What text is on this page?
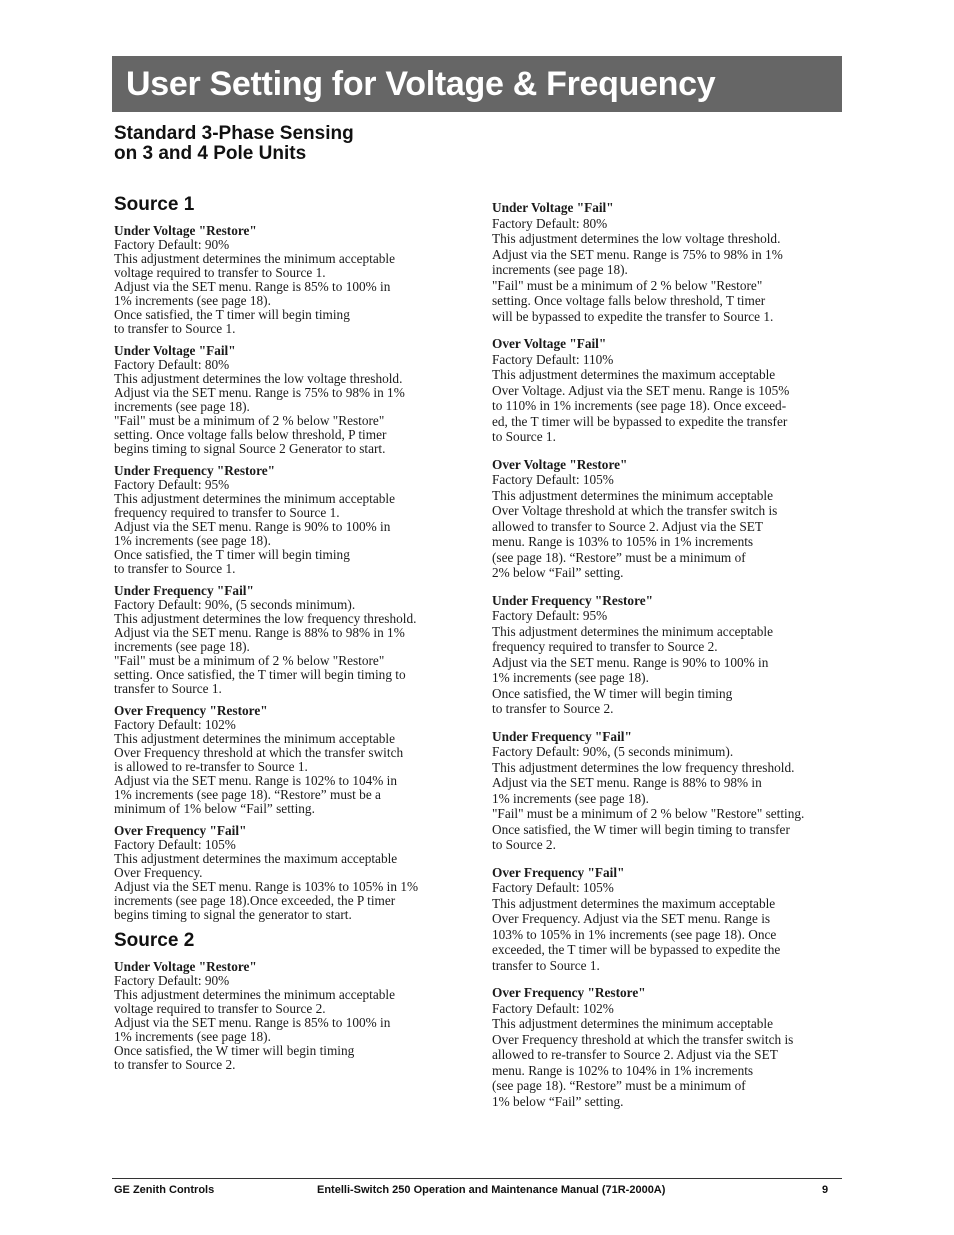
User Setting for Voltage & Frequency
Standard 3-Phase Sensing
on 3 and 4 Pole Units
Source 1
Under Voltage "Restore"
Factory Default: 90%
This adjustment determines the minimum acceptable
voltage required to transfer to Source 1.
Adjust via the SET menu. Range is 85% to 100% in
1% increments (see page 18).
Once satisfied, the T timer will begin timing
to transfer to Source 1.
Under Voltage "Fail"
Factory Default: 80%
This adjustment determines the low voltage threshold.
Adjust via the SET menu. Range is 75% to 98% in 1%
increments (see page 18).
"Fail" must be a minimum of 2 % below "Restore"
setting. Once voltage falls below threshold, P timer
begins timing to signal Source 2 Generator to start.
Under Frequency "Restore"
Factory Default: 95%
This adjustment determines the minimum acceptable
frequency required to transfer to Source 1.
Adjust via the SET menu. Range is 90% to 100% in
1% increments (see page 18).
Once satisfied, the T timer will begin timing
to transfer to Source 1.
Under Frequency "Fail"
Factory Default: 90%, (5 seconds minimum).
This adjustment determines the low frequency threshold.
Adjust via the SET menu. Range is 88% to 98% in 1%
increments (see page 18).
"Fail" must be a minimum of 2 % below "Restore"
setting. Once satisfied, the T timer will begin timing to
transfer to Source 1.
Over Frequency "Restore"
Factory Default: 102%
This adjustment determines the minimum acceptable
Over Frequency threshold at which the transfer switch
is allowed to re-transfer to Source 1.
Adjust via the SET menu. Range is 102% to 104% in
1% increments (see page 18). “Restore” must be a
minimum of 1% below “Fail” setting.
Over Frequency "Fail"
Factory Default: 105%
This adjustment determines the maximum acceptable
Over Frequency.
Adjust via the SET menu. Range is 103% to 105% in 1%
increments (see page 18).Once exceeded, the P timer
begins timing to signal the generator to start.
Source 2
Under Voltage "Restore"
Factory Default: 90%
This adjustment determines the minimum acceptable
voltage required to transfer to Source 2.
Adjust via the SET menu. Range is 85% to 100% in
1% increments (see page 18).
Once satisfied, the W timer will begin timing
to transfer to Source 2.
Under Voltage "Fail"
Factory Default: 80%
This adjustment determines the low voltage threshold.
Adjust via the SET menu. Range is 75% to 98% in 1%
increments (see page 18).
"Fail" must be a minimum of 2 % below "Restore"
setting. Once voltage falls below threshold, T timer
will be bypassed to expedite the transfer to Source 1.
Over Voltage "Fail"
Factory Default: 110%
This adjustment determines the maximum acceptable
Over Voltage. Adjust via the SET menu. Range is 105%
to 110% in 1% increments (see page 18). Once exceed-
ed, the T timer will be bypassed to expedite the transfer
to Source 1.
Over Voltage "Restore"
Factory Default: 105%
This adjustment determines the minimum acceptable
Over Voltage threshold at which the transfer switch is
allowed to transfer to Source 2. Adjust via the SET
menu. Range is 103% to 105% in 1% increments
(see page 18). “Restore” must be a minimum of
2% below “Fail” setting.
Under Frequency "Restore"
Factory Default: 95%
This adjustment determines the minimum acceptable
frequency required to transfer to Source 2.
Adjust via the SET menu. Range is 90% to 100% in
1% increments (see page 18).
Once satisfied, the W timer will begin timing
to transfer to Source 2.
Under Frequency "Fail"
Factory Default: 90%, (5 seconds minimum).
This adjustment determines the low frequency threshold.
Adjust via the SET menu. Range is 88% to 98% in
1% increments (see page 18).
"Fail" must be a minimum of 2 % below "Restore" setting.
Once satisfied, the W timer will begin timing to transfer
to Source 2.
Over Frequency "Fail"
Factory Default: 105%
This adjustment determines the maximum acceptable
Over Frequency. Adjust via the SET menu. Range is
103% to 105% in 1% increments (see page 18). Once
exceeded, the T timer will be bypassed to expedite the
transfer to Source 1.
Over Frequency "Restore"
Factory Default: 102%
This adjustment determines the minimum acceptable
Over Frequency threshold at which the transfer switch is
allowed to re-transfer to Source 2. Adjust via the SET
menu. Range is 102% to 104% in 1% increments
(see page 18). “Restore” must be a minimum of
1% below “Fail” setting.
GE Zenith Controls	Entelli-Switch 250 Operation and Maintenance Manual (71R-2000A)	9
